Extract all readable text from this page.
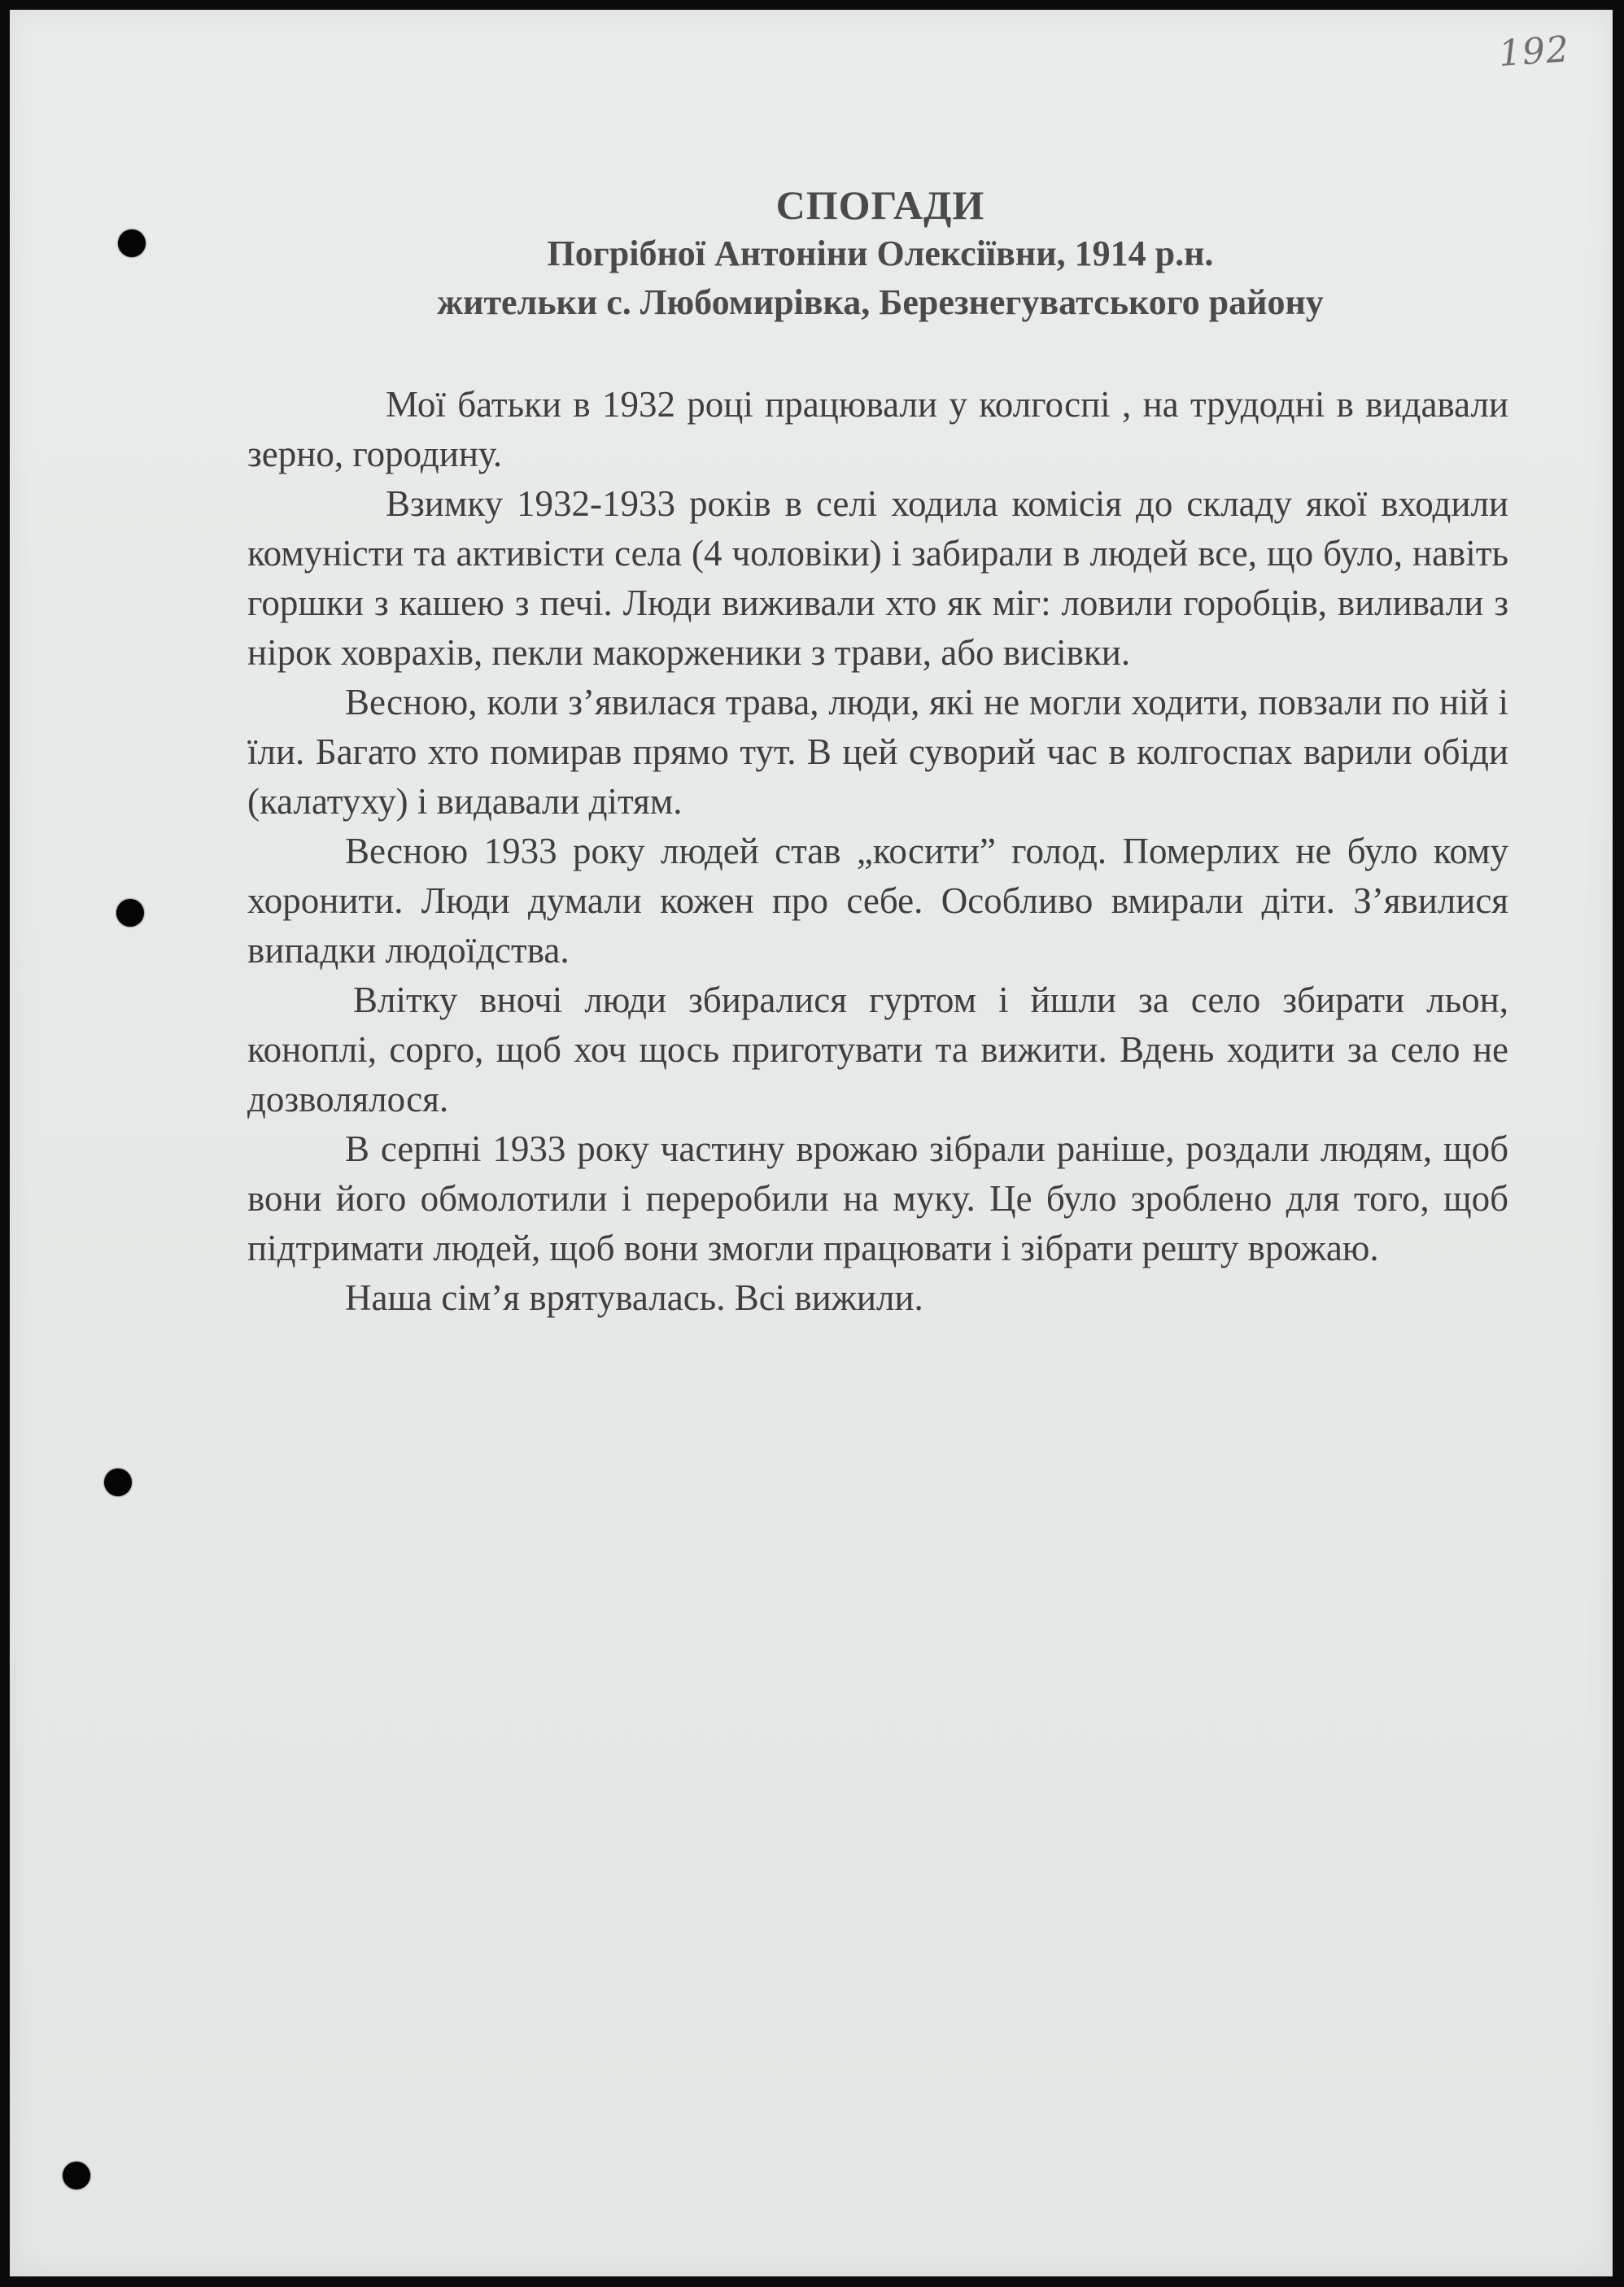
192
СПОГАДИ
Погрібної Антоніни Олексіївни, 1914 р.н.
жительки с. Любомирівка, Березнегуватського району

Мої батьки в 1932 році працювали у колгоспі , на трудодні в видавали зерно, городину.

Взимку 1932-1933 років в селі ходила комісія до складу якої входили комуністи та активісти села (4 чоловіки) і забирали в людей все, що було, навіть горшки з кашею з печі. Люди виживали хто як міг: ловили горобців, виливали з нірок ховрахів, пекли макорженики з трави, або висівки.

Весною, коли з’явилася трава, люди, які не могли ходити, повзали по ній і їли. Багато хто помирав прямо тут. В цей суворий час в колгоспах варили обіди (калатуху) і видавали дітям.

Весною 1933 року людей став „косити” голод. Померлих не було кому хоронити. Люди думали кожен про себе. Особливо вмирали діти. З’явилися випадки людоїдства.

Влітку вночі люди збиралися гуртом і йшли за село збирати льон, коноплі, сорго, щоб хоч щось приготувати та вижити. Вдень ходити за село не дозволялося.

В серпні 1933 року частину врожаю зібрали раніше, роздали людям, щоб вони його обмолотили і переробили на муку. Це було зроблено для того, щоб підтримати людей, щоб вони змогли працювати і зібрати решту врожаю.

Наша сім’я врятувалась. Всі вижили.
